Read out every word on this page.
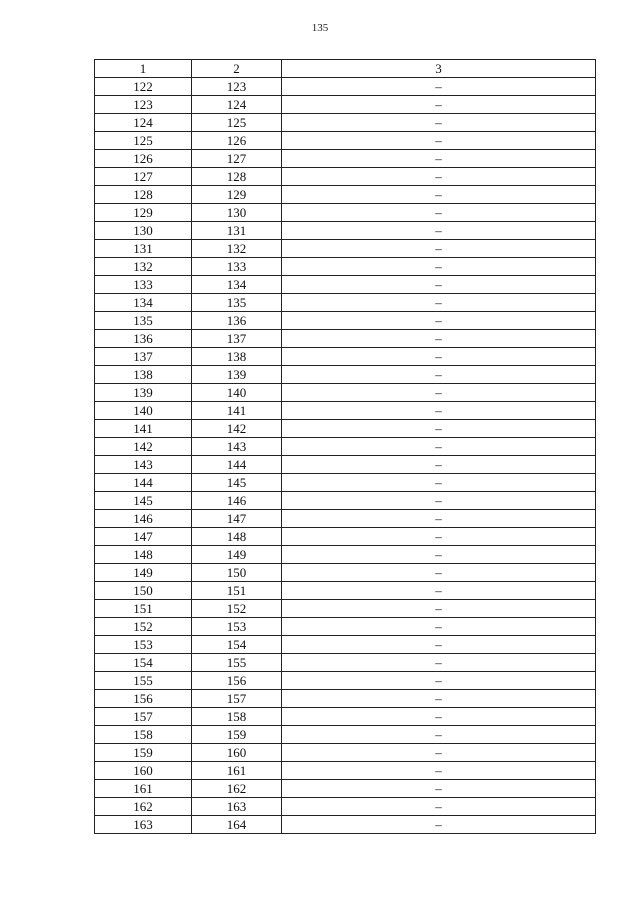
135
1	2	3
122	123	–
123	124	–
124	125	–
125	126	–
126	127	–
127	128	–
128	129	–
129	130	–
130	131	–
131	132	–
132	133	–
133	134	–
134	135	–
135	136	–
136	137	–
137	138	–
138	139	–
139	140	–
140	141	–
141	142	–
142	143	–
143	144	–
144	145	–
145	146	–
146	147	–
147	148	–
148	149	–
149	150	–
150	151	–
151	152	–
152	153	–
153	154	–
154	155	–
155	156	–
156	157	–
157	158	–
158	159	–
159	160	–
160	161	–
161	162	–
162	163	–
163	164	–
